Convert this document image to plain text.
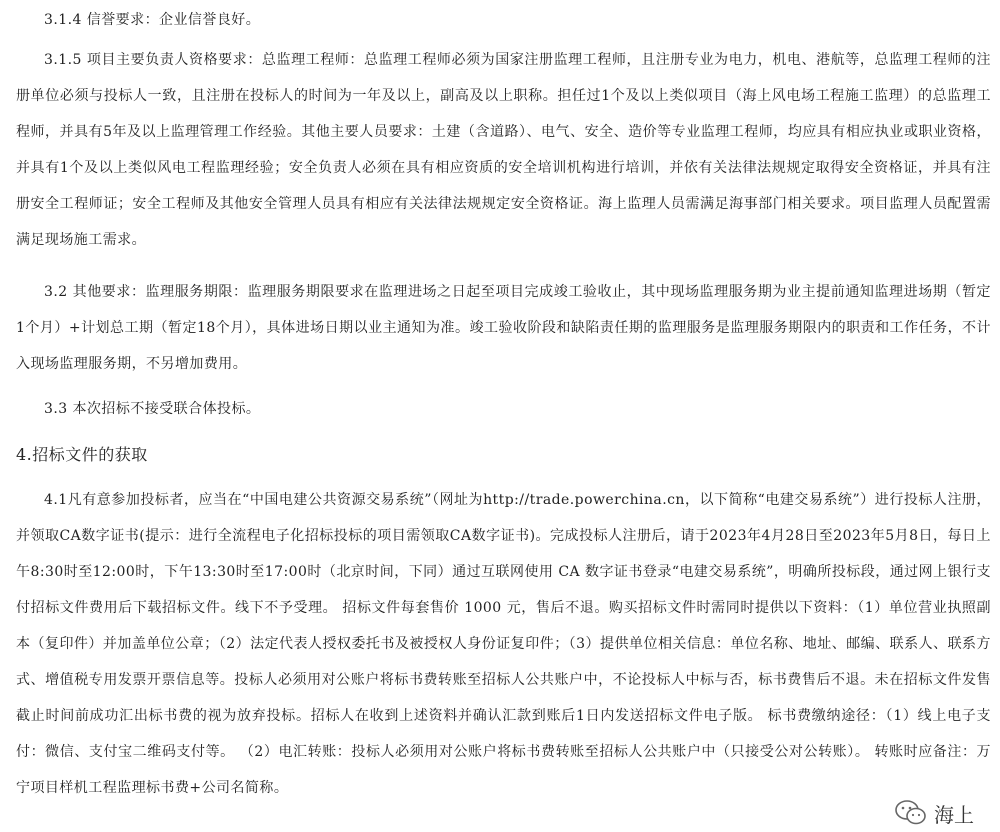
3.1.4 信誉要求：企业信誉良好。
3.1.5 项目主要负责人资格要求：总监理工程师：总监理工程师必须为国家注册监理工程师，且注册专业为电力，机电、港航等，总监理工程师的注册单位必须与投标人一致，且注册在投标人的时间为一年及以上，副高及以上职称。担任过1个及以上类似项目（海上风电场工程施工监理）的总监理工程师，并具有5年及以上监理管理工作经验。其他主要人员要求：土建（含道路）、电气、安全、造价等专业监理工程师，均应具有相应执业或职业资格，并具有1个及以上类似风电工程监理经验；安全负责人必须在具有相应资质的安全培训机构进行培训，并依有关法律法规规定取得安全资格证，并具有注册安全工程师证；安全工程师及其他安全管理人员具有相应有关法律法规规定安全资格证。海上监理人员需满足海事部门相关要求。项目监理人员配置需满足现场施工需求。
3.2 其他要求：监理服务期限：监理服务期限要求在监理进场之日起至项目完成竣工验收止，其中现场监理服务期为业主提前通知监理进场期（暂定1个月）+计划总工期（暂定18个月），具体进场日期以业主通知为准。竣工验收阶段和缺陷责任期的监理服务是监理服务期限内的职责和工作任务，不计入现场监理服务期，不另增加费用。
3.3 本次招标不接受联合体投标。
4.招标文件的获取
4.1凡有意参加投标者，应当在“中国电建公共资源交易系统”（网址为http://trade.powerchina.cn，以下简称“电建交易系统”）进行投标人注册，并领取CA数字证书(提示：进行全流程电子化招标投标的项目需领取CA数字证书)。完成投标人注册后，请于2023年4月28日至2023年5月8日，每日上午8:30时至12:00时，下午13:30时至17:00时（北京时间，下同）通过互联网使用 CA 数字证书登录“电建交易系统”，明确所投标段，通过网上银行支付招标文件费用后下载招标文件。线下不予受理。 招标文件每套售价 1000 元，售后不退。购买招标文件时需同时提供以下资料：（1）单位营业执照副本（复印件）并加盖单位公章；（2）法定代表人授权委托书及被授权人身份证复印件；（3）提供单位相关信息：单位名称、地址、邮编、联系人、联系方式、增值税专用发票开票信息等。投标人必须用对公账户将标书费转账至招标人公共账户中，不论投标人中标与否，标书费售后不退。未在招标文件发售截止时间前成功汇出标书费的视为放弃投标。招标人在收到上述资料并确认汇款到账后1日内发送招标文件电子版。 标书费缴纳途径：（1）线上电子支付：微信、支付宝二维码支付等。 （2）电汇转账：投标人必须用对公账户将标书费转账至招标人公共账户中（只接受公对公转账）。 转账时应备注：万宁项目样机工程监理标书费+公司名简称。
海上
